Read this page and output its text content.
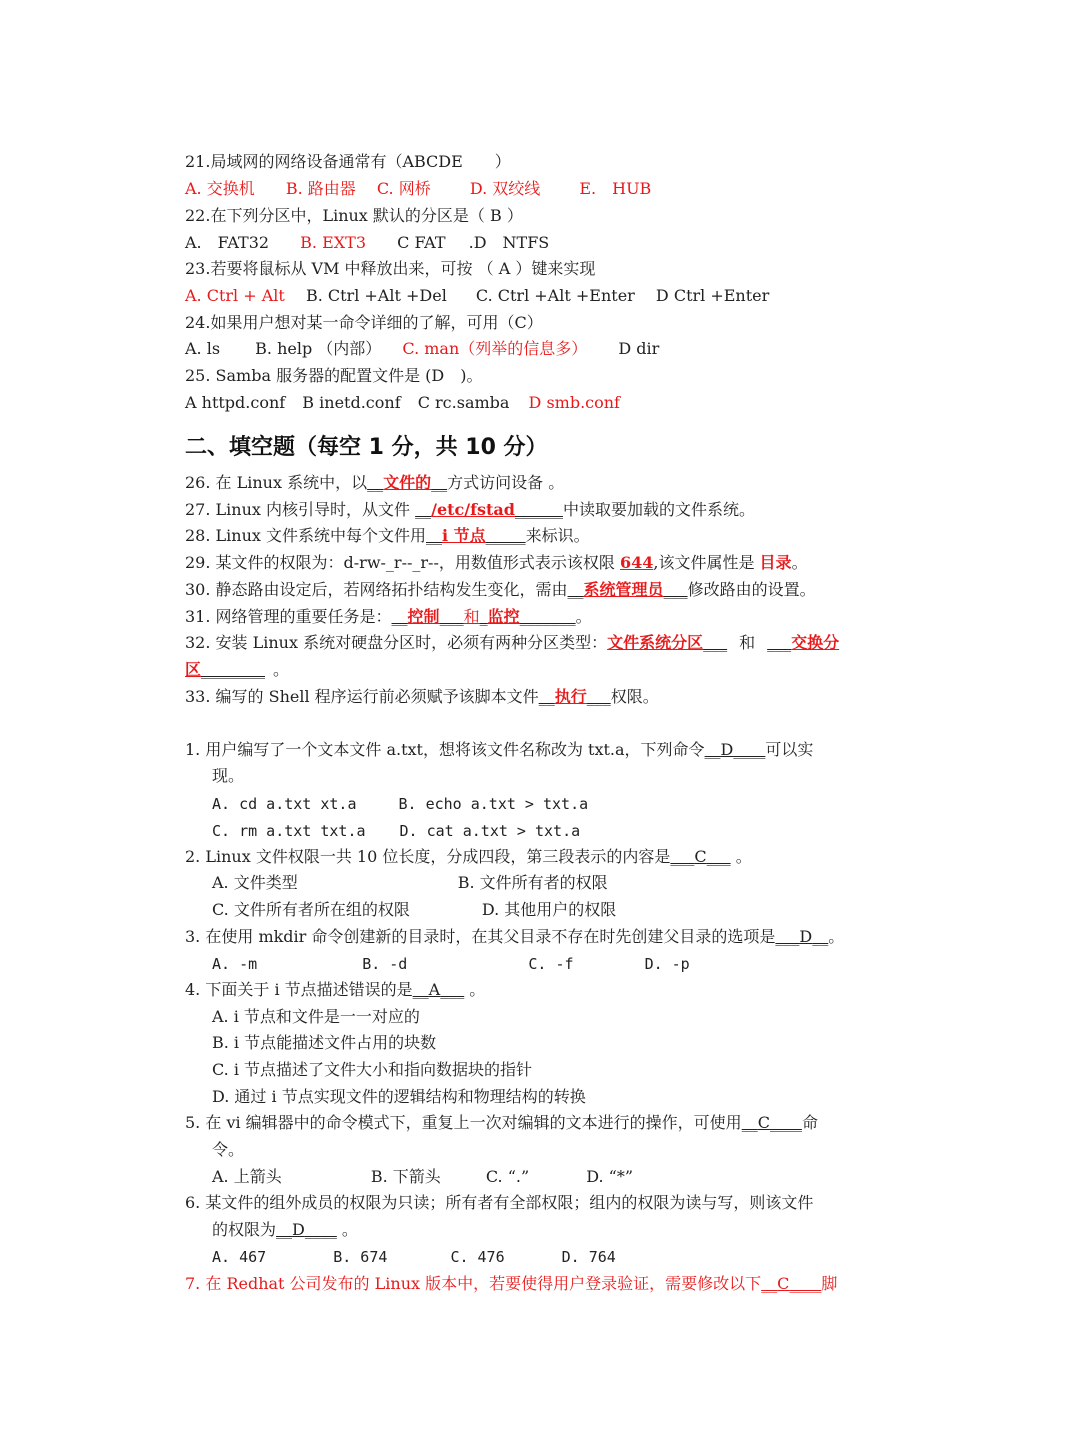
21.局域网的网络设备通常有（ABCDE　　）
A. 交换机 B. 路由器 C. 网桥 D. 双绞线 E.　HUB
22.在下列分区中，Linux 默认的分区是（ B ）
A.　FAT32 B. EXT3 C FAT .D　NTFS
23.若要将鼠标从 VM 中释放出来，可按 （ A ）键来实现
A. Ctrl + Alt B. Ctrl +Alt +Del C. Ctrl +Alt +Enter D Ctrl +Enter
24.如果用户想对某一命令详细的了解，可用（C）
A. ls B. help （内部） C. man（列举的信息多） D dir
25. Samba 服务器的配置文件是 (D　)。
A httpd.conf B inetd.conf C rc.samba D smb.conf
二、填空题（每空 1 分，共 10 分）
26. 在 Linux 系统中，以__文件的__方式访问设备 。
27. Linux 内核引导时，从文件 __/etc/fstad______中读取要加载的文件系统。
28. Linux 文件系统中每个文件用__i 节点_____来标识。
29. 某文件的权限为：d-rw-_r--_r--，用数值形式表示该权限 644,该文件属性是 目录。
30. 静态路由设定后，若网络拓扑结构发生变化，需由__系统管理员___修改路由的设置。
31. 网络管理的重要任务是：__控制___和_监控_______。
32. 安装 Linux 系统对硬盘分区时，必须有两种分区类型：文件系统分区___ 和 ___交换分
区________ 。
33. 编写的 Shell 程序运行前必须赋予该脚本文件__执行___权限。
1. 用户编写了一个文本文件 a.txt，想将该文件名称改为 txt.a，下列命令__D____可以实
现。
A. cd a.txt xt.a	B. echo a.txt > txt.a
C. rm a.txt txt.a D. cat a.txt > txt.a
2. Linux 文件权限一共 10 位长度，分成四段，第三段表示的内容是___C___ 。
A. 文件类型	B. 文件所有者的权限
C. 文件所有者所在组的权限	D. 其他用户的权限
3. 在使用 mkdir 命令创建新的目录时，在其父目录不存在时先创建父目录的选项是___D__。
A. -m	B. -d	C. -f	D. -p
4. 下面关于 i 节点描述错误的是__A___ 。
A. i 节点和文件是一一对应的
B. i 节点能描述文件占用的块数
C. i 节点描述了文件大小和指向数据块的指针
D. 通过 i 节点实现文件的逻辑结构和物理结构的转换
5. 在 vi 编辑器中的命令模式下，重复上一次对编辑的文本进行的操作，可使用__C____命
令。
A. 上箭头	B. 下箭头	C. “.”	D. “*”
6. 某文件的组外成员的权限为只读；所有者有全部权限；组内的权限为读与写，则该文件
的权限为__D____ 。
A. 467	B. 674	C. 476	D. 764
7. 在 Redhat 公司发布的 Linux 版本中，若要使得用户登录验证，需要修改以下__C____脚
